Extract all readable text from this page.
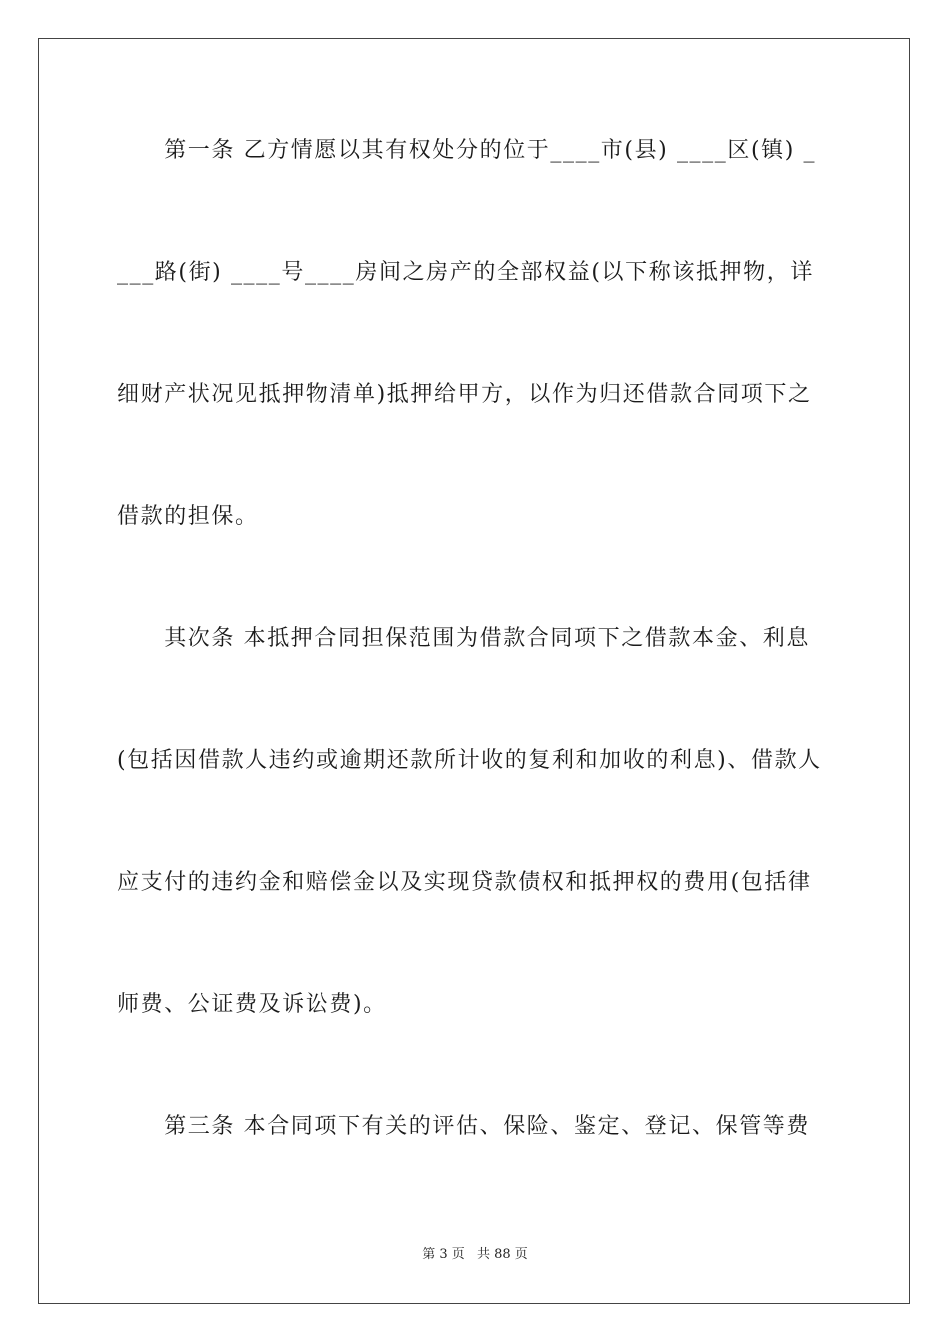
　　第一条 乙方情愿以其有权处分的位于____市(县) ____区(镇) _
___路(街) ____号____房间之房产的全部权益(以下称该抵押物，详
细财产状况见抵押物清单)抵押给甲方，以作为归还借款合同项下之
借款的担保。
　　其次条 本抵押合同担保范围为借款合同项下之借款本金、利息
(包括因借款人违约或逾期还款所计收的复利和加收的利息)、借款人
应支付的违约金和赔偿金以及实现贷款债权和抵押权的费用(包括律
师费、公证费及诉讼费)。
　　第三条 本合同项下有关的评估、保险、鉴定、登记、保管等费
第 3 页 共 88 页
